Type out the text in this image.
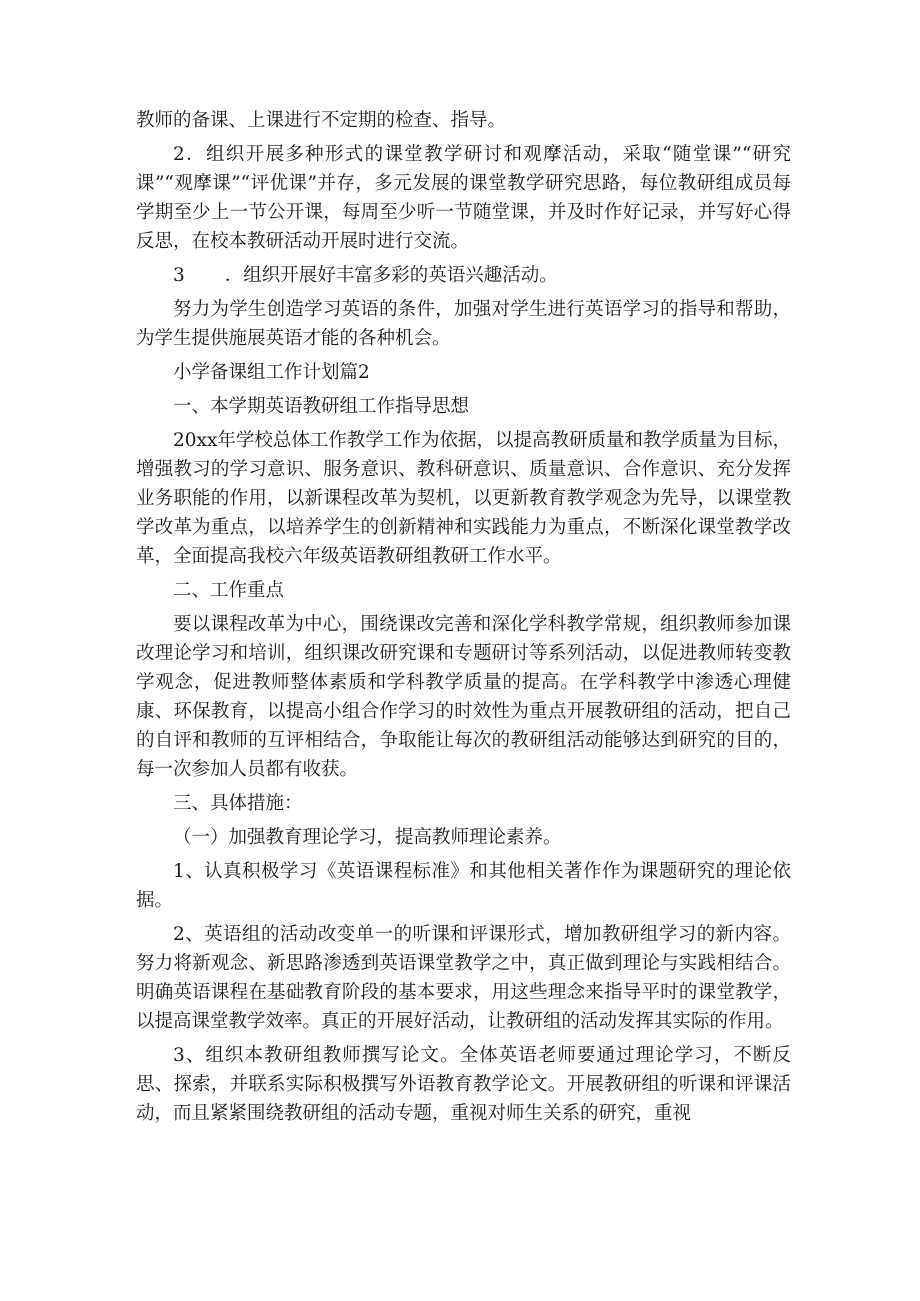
教师的备课、上课进行不定期的检查、指导。

2．组织开展多种形式的课堂教学研讨和观摩活动，采取“随堂课”“研究课”“观摩课”“评优课”并存，多元发展的课堂教学研究思路，每位教研组成员每学期至少上一节公开课，每周至少听一节随堂课，并及时作好记录，并写好心得反思，在校本教研活动开展时进行交流。

3 ．组织开展好丰富多彩的英语兴趣活动。

努力为学生创造学习英语的条件，加强对学生进行英语学习的指导和帮助，为学生提供施展英语才能的各种机会。

小学备课组工作计划篇2

一、本学期英语教研组工作指导思想

20xx年学校总体工作教学工作为依据，以提高教研质量和教学质量为目标，增强教习的学习意识、服务意识、教科研意识、质量意识、合作意识、充分发挥业务职能的作用，以新课程改革为契机，以更新教育教学观念为先导，以课堂教学改革为重点，以培养学生的创新精神和实践能力为重点，不断深化课堂教学改革，全面提高我校六年级英语教研组教研工作水平。

二、工作重点

要以课程改革为中心，围绕课改完善和深化学科教学常规，组织教师参加课改理论学习和培训，组织课改研究课和专题研讨等系列活动，以促进教师转变教学观念，促进教师整体素质和学科教学质量的提高。在学科教学中渗透心理健康、环保教育，以提高小组合作学习的时效性为重点开展教研组的活动，把自己的自评和教师的互评相结合，争取能让每次的教研组活动能够达到研究的目的，每一次参加人员都有收获。

三、具体措施：

（一）加强教育理论学习，提高教师理论素养。

1、认真积极学习《英语课程标准》和其他相关著作作为课题研究的理论依据。

2、英语组的活动改变单一的听课和评课形式，增加教研组学习的新内容。努力将新观念、新思路渗透到英语课堂教学之中，真正做到理论与实践相结合。明确英语课程在基础教育阶段的基本要求，用这些理念来指导平时的课堂教学，以提高课堂教学效率。真正的开展好活动，让教研组的活动发挥其实际的作用。

3、组织本教研组教师撰写论文。全体英语老师要通过理论学习，不断反思、探索，并联系实际积极撰写外语教育教学论文。开展教研组的听课和评课活动，而且紧紧围绕教研组的活动专题，重视对师生关系的研究，重视
